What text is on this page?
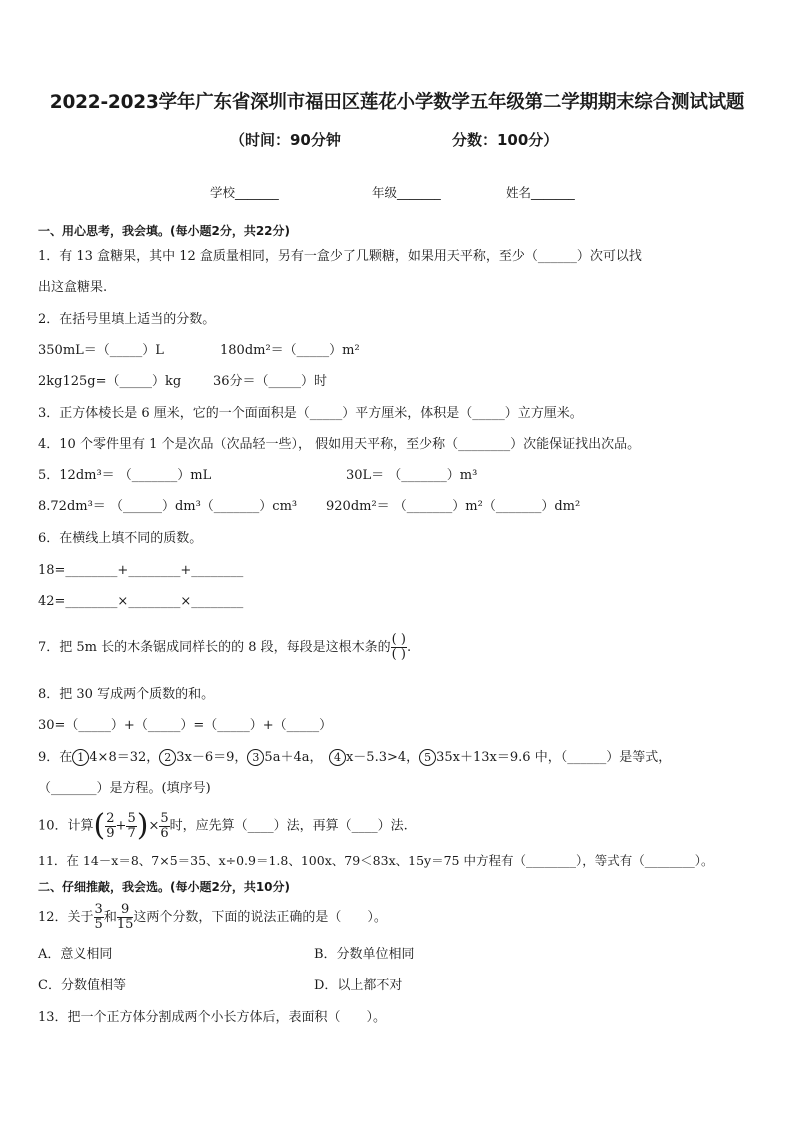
2022-2023学年广东省深圳市福田区莲花小学数学五年级第二学期期末综合测试试题
（时间：90分钟	分数：100分）
学校_______	年级_______	姓名_______
一、用心思考，我会填。(每小题2分，共22分)
1．有 13 盒糖果，其中 12 盒质量相同，另有一盒少了几颗糖，如果用天平称，至少（______）次可以找
出这盒糖果.
2．在括号里填上适当的分数。
350mL＝（_____）L	180dm²＝（_____）m²
2kg125g=（_____）kg 36分＝（_____）时
3．正方体棱长是 6 厘米，它的一个面面积是（_____）平方厘米，体积是（_____）立方厘米。
4．10 个零件里有 1 个是次品（次品轻一些）， 假如用天平称，至少称（________）次能保证找出次品。
5．12dm³＝ （_______）mL	30L＝ （_______）m³
8.72dm³＝ （______）dm³（_______）cm³ 920dm²＝ （_______）m²（_______）dm²
6．在横线上填不同的质数。
18=________+________+________
42=________×________×________
7．把 5m 长的木条锯成同样长的的 8 段，每段是这根木条的 $\frac{( )}{( )}$ .
8．把 30 写成两个质数的和。
30=（_____）+（_____）=（_____）+（_____）
9．在 1 4×8＝32， 2 3x－6＝9， 3 5a＋4a，　4 x－5.3>4， 5 35x＋13x＝9.6 中，（______）是等式，
（_______）是方程。(填序号)
10．计算( $\frac{2}{9} + \frac{5}{7}$ )× $\frac{5}{6}$ 时，应先算（____）法，再算（____）法.
11．在 14－x＝8、7×5＝35、x÷0.9＝1.8、100x、79＜83x、15y＝75 中方程有（________），等式有（________）。
二、仔细推敲，我会选。(每小题2分，共10分)
12．关于 $\frac{3}{5}$ 和 $\frac{9}{15}$ 这两个分数，下面的说法正确的是（　　）。
A．意义相同	B．分数单位相同
C．分数值相等	D．以上都不对
13．把一个正方体分割成两个小长方体后，表面积（　　）。
